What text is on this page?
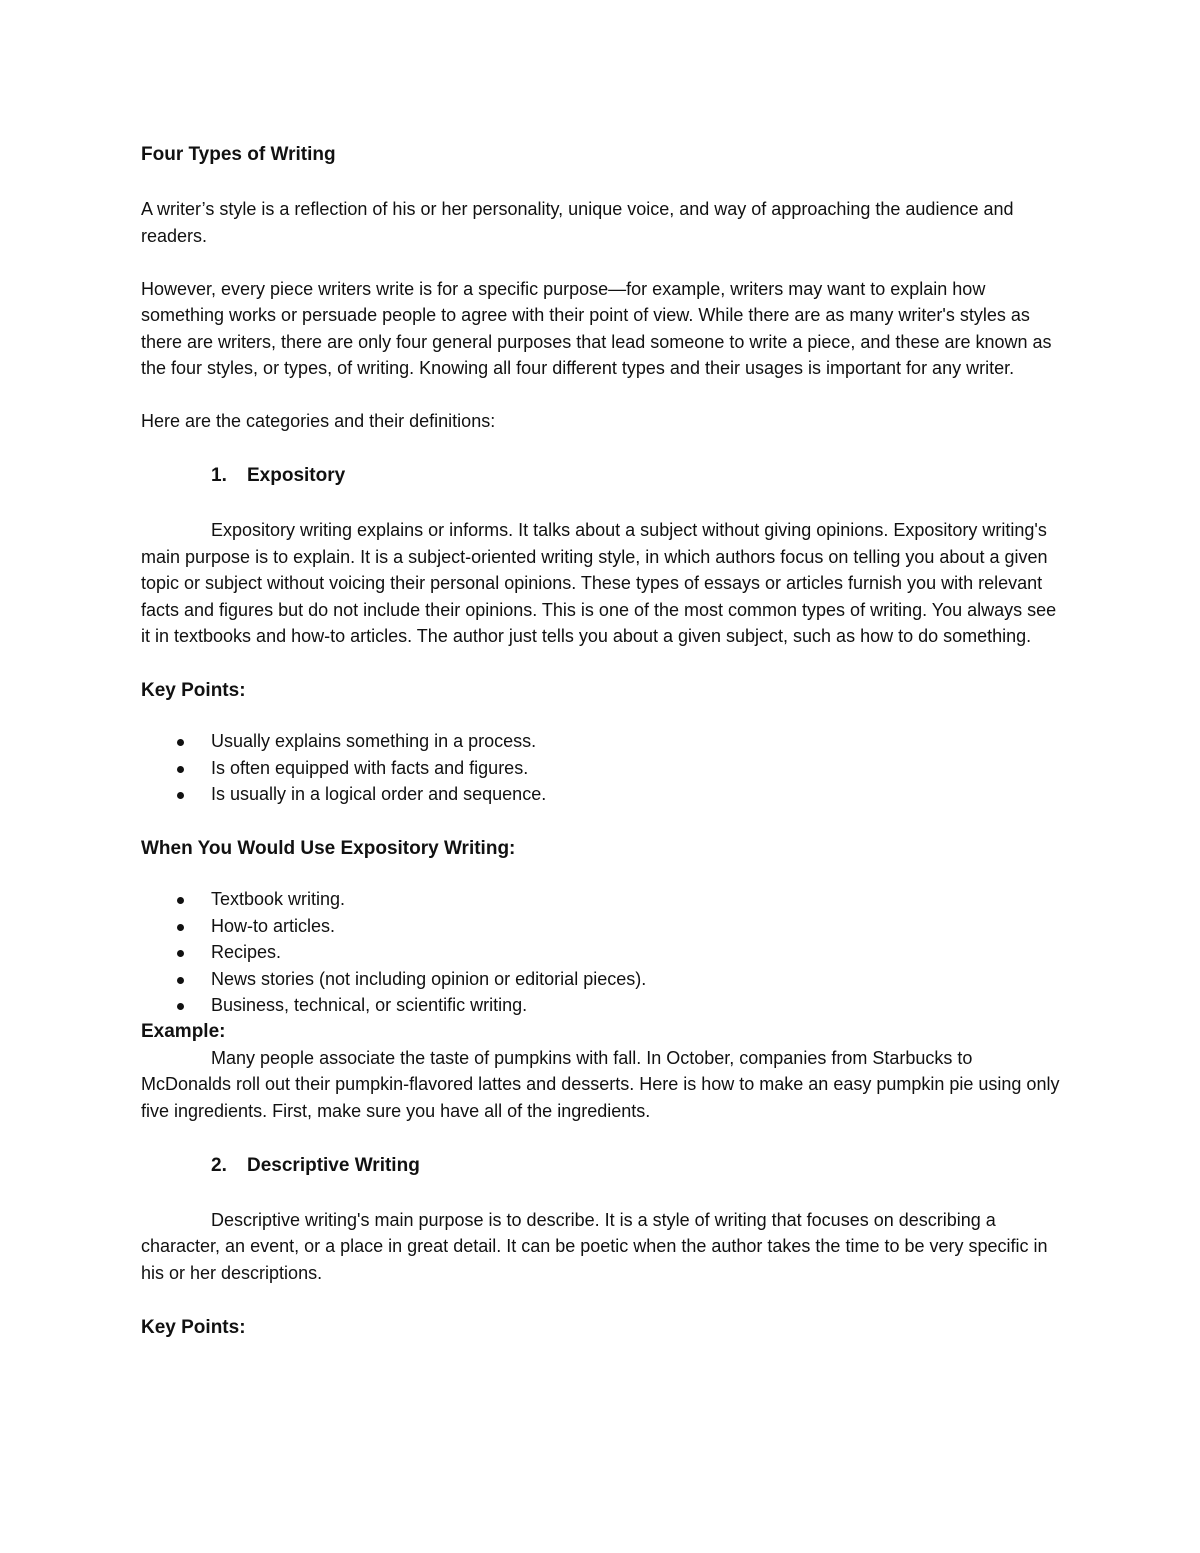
Four Types of Writing

A writer’s style is a reflection of his or her personality, unique voice, and way of approaching the audience and readers.

However, every piece writers write is for a specific purpose—for example, writers may want to explain how something works or persuade people to agree with their point of view. While there are as many writer's styles as there are writers, there are only four general purposes that lead someone to write a piece, and these are known as the four styles, or types, of writing. Knowing all four different types and their usages is important for any writer.

Here are the categories and their definitions:

1.	Expository

Expository writing explains or informs. It talks about a subject without giving opinions. Expository writing's main purpose is to explain. It is a subject-oriented writing style, in which authors focus on telling you about a given topic or subject without voicing their personal opinions. These types of essays or articles furnish you with relevant facts and figures but do not include their opinions. This is one of the most common types of writing. You always see it in textbooks and how-to articles. The author just tells you about a given subject, such as how to do something.

Key Points:
Usually explains something in a process.
Is often equipped with facts and figures.
Is usually in a logical order and sequence.
When You Would Use Expository Writing:
Textbook writing.
How-to articles.
Recipes.
News stories (not including opinion or editorial pieces).
Business, technical, or scientific writing.
Example:

Many people associate the taste of pumpkins with fall. In October, companies from Starbucks to McDonalds roll out their pumpkin-flavored lattes and desserts. Here is how to make an easy pumpkin pie using only five ingredients. First, make sure you have all of the ingredients.

2.	Descriptive Writing

Descriptive writing's main purpose is to describe. It is a style of writing that focuses on describing a character, an event, or a place in great detail. It can be poetic when the author takes the time to be very specific in his or her descriptions.

Key Points:
